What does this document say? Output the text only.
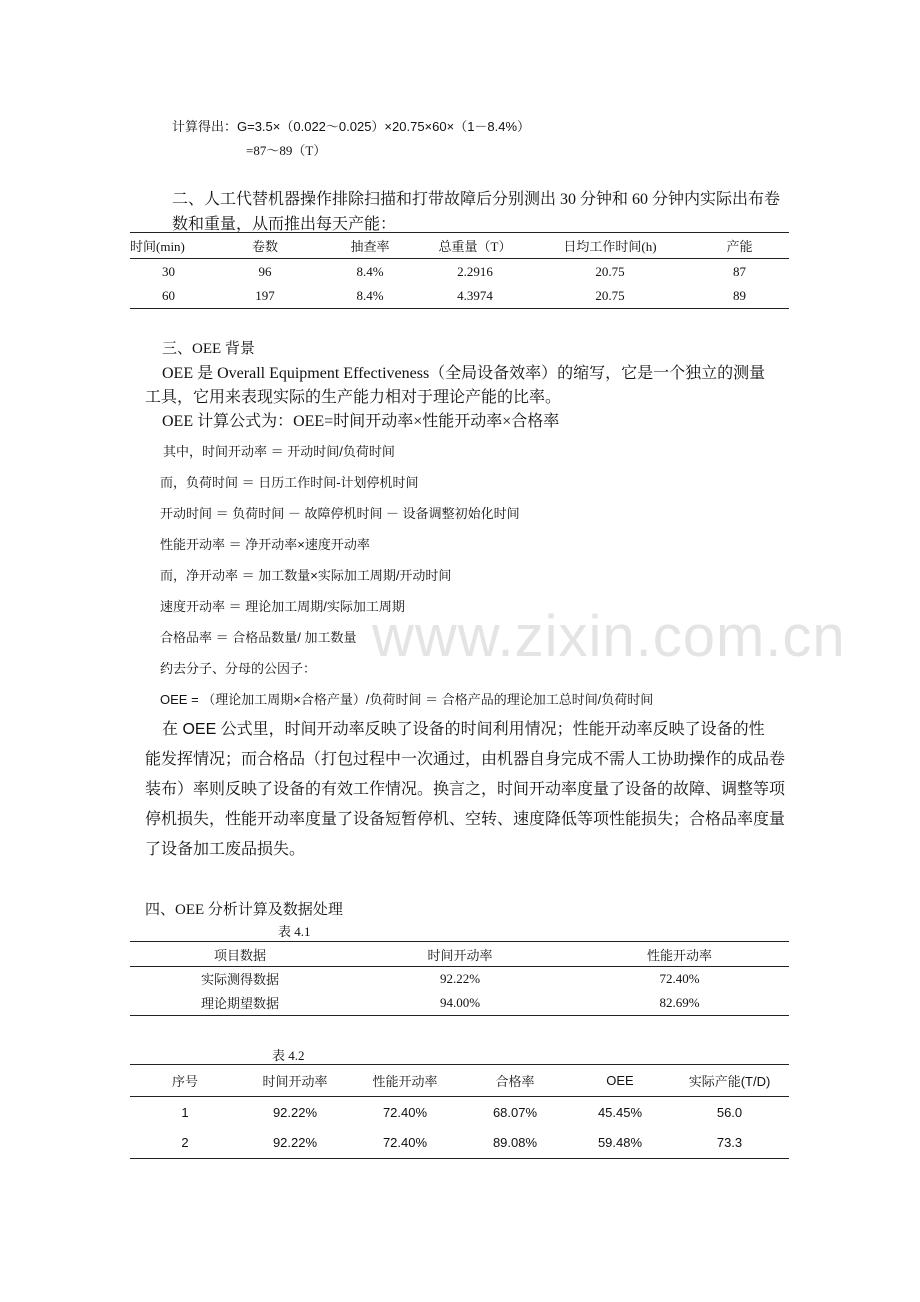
www.zixin.com.cn
计算得出：G=3.5×（0.022～0.025）×20.75×60×（1－8.4%）
=87～89（T）
二、人工代替机器操作排除扫描和打带故障后分别测出 30 分钟和 60 分钟内实际出布卷
数和重量，从而推出每天产能：
时间(min)	卷数	抽查率	总重量（T）	日均工作时间(h)	产能
30	96	8.4%	2.2916	20.75	87
60	197	8.4%	4.3974	20.75	89
三、OEE 背景
OEE 是 Overall Equipment Effectiveness（全局设备效率）的缩写，它是一个独立的测量
工具，它用来表现实际的生产能力相对于理论产能的比率。
OEE 计算公式为：OEE=时间开动率×性能开动率×合格率
其中，时间开动率 ＝ 开动时间/负荷时间
而，负荷时间 ＝ 日历工作时间-计划停机时间
开动时间 ＝ 负荷时间 － 故障停机时间 － 设备调整初始化时间
性能开动率 ＝ 净开动率×速度开动率
而，净开动率 ＝ 加工数量×实际加工周期/开动时间
速度开动率 ＝ 理论加工周期/实际加工周期
合格品率 ＝ 合格品数量/ 加工数量
约去分子、分母的公因子：
OEE = （理论加工周期×合格产量）/负荷时间 ＝ 合格产品的理论加工总时间/负荷时间
在 OEE 公式里，时间开动率反映了设备的时间利用情况；性能开动率反映了设备的性
能发挥情况；而合格品（打包过程中一次通过，由机器自身完成不需人工协助操作的成品卷
装布）率则反映了设备的有效工作情况。换言之，时间开动率度量了设备的故障、调整等项
停机损失，性能开动率度量了设备短暂停机、空转、速度降低等项性能损失；合格品率度量
了设备加工废品损失。
四、OEE 分析计算及数据处理
表 4.1
项目数据	时间开动率	性能开动率
实际测得数据	92.22%	72.40%
理论期望数据	94.00%	82.69%
表 4.2
序号	时间开动率	性能开动率	合格率	OEE	实际产能(T/D)
1	92.22%	72.40%	68.07%	45.45%	56.0
2	92.22%	72.40%	89.08%	59.48%	73.3
